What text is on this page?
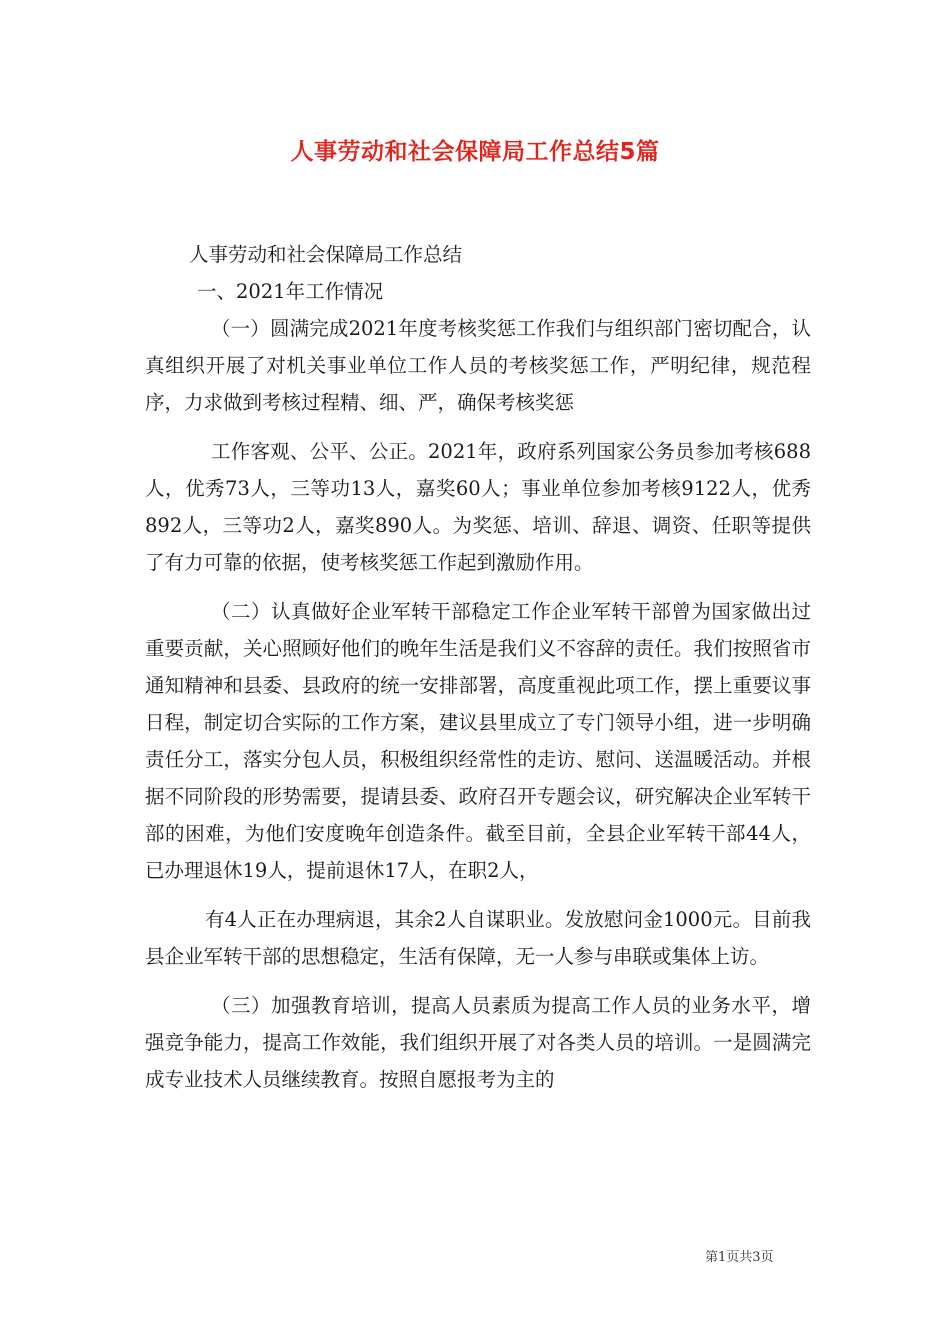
人事劳动和社会保障局工作总结5篇

人事劳动和社会保障局工作总结

一、2021年工作情况

（一）圆满完成2021年度考核奖惩工作我们与组织部门密切配合，认真组织开展了对机关事业单位工作人员的考核奖惩工作，严明纪律，规范程序，力求做到考核过程精、细、严，确保考核奖惩

工作客观、公平、公正。2021年，政府系列国家公务员参加考核688人，优秀73人，三等功13人，嘉奖60人；事业单位参加考核9122人，优秀892人，三等功2人，嘉奖890人。为奖惩、培训、辞退、调资、任职等提供了有力可靠的依据，使考核奖惩工作起到激励作用。

（二）认真做好企业军转干部稳定工作企业军转干部曾为国家做出过重要贡献，关心照顾好他们的晚年生活是我们义不容辞的责任。我们按照省市通知精神和县委、县政府的统一安排部署，高度重视此项工作，摆上重要议事日程，制定切合实际的工作方案，建议县里成立了专门领导小组，进一步明确责任分工，落实分包人员，积极组织经常性的走访、慰问、送温暖活动。并根据不同阶段的形势需要，提请县委、政府召开专题会议，研究解决企业军转干部的困难，为他们安度晚年创造条件。截至目前，全县企业军转干部44人，已办理退休19人，提前退休17人，在职2人，

有4人正在办理病退，其余2人自谋职业。发放慰问金1000元。目前我县企业军转干部的思想稳定，生活有保障，无一人参与串联或集体上访。

（三）加强教育培训，提高人员素质为提高工作人员的业务水平，增强竞争能力，提高工作效能，我们组织开展了对各类人员的培训。一是圆满完成专业技术人员继续教育。按照自愿报考为主的

第1页共3页
